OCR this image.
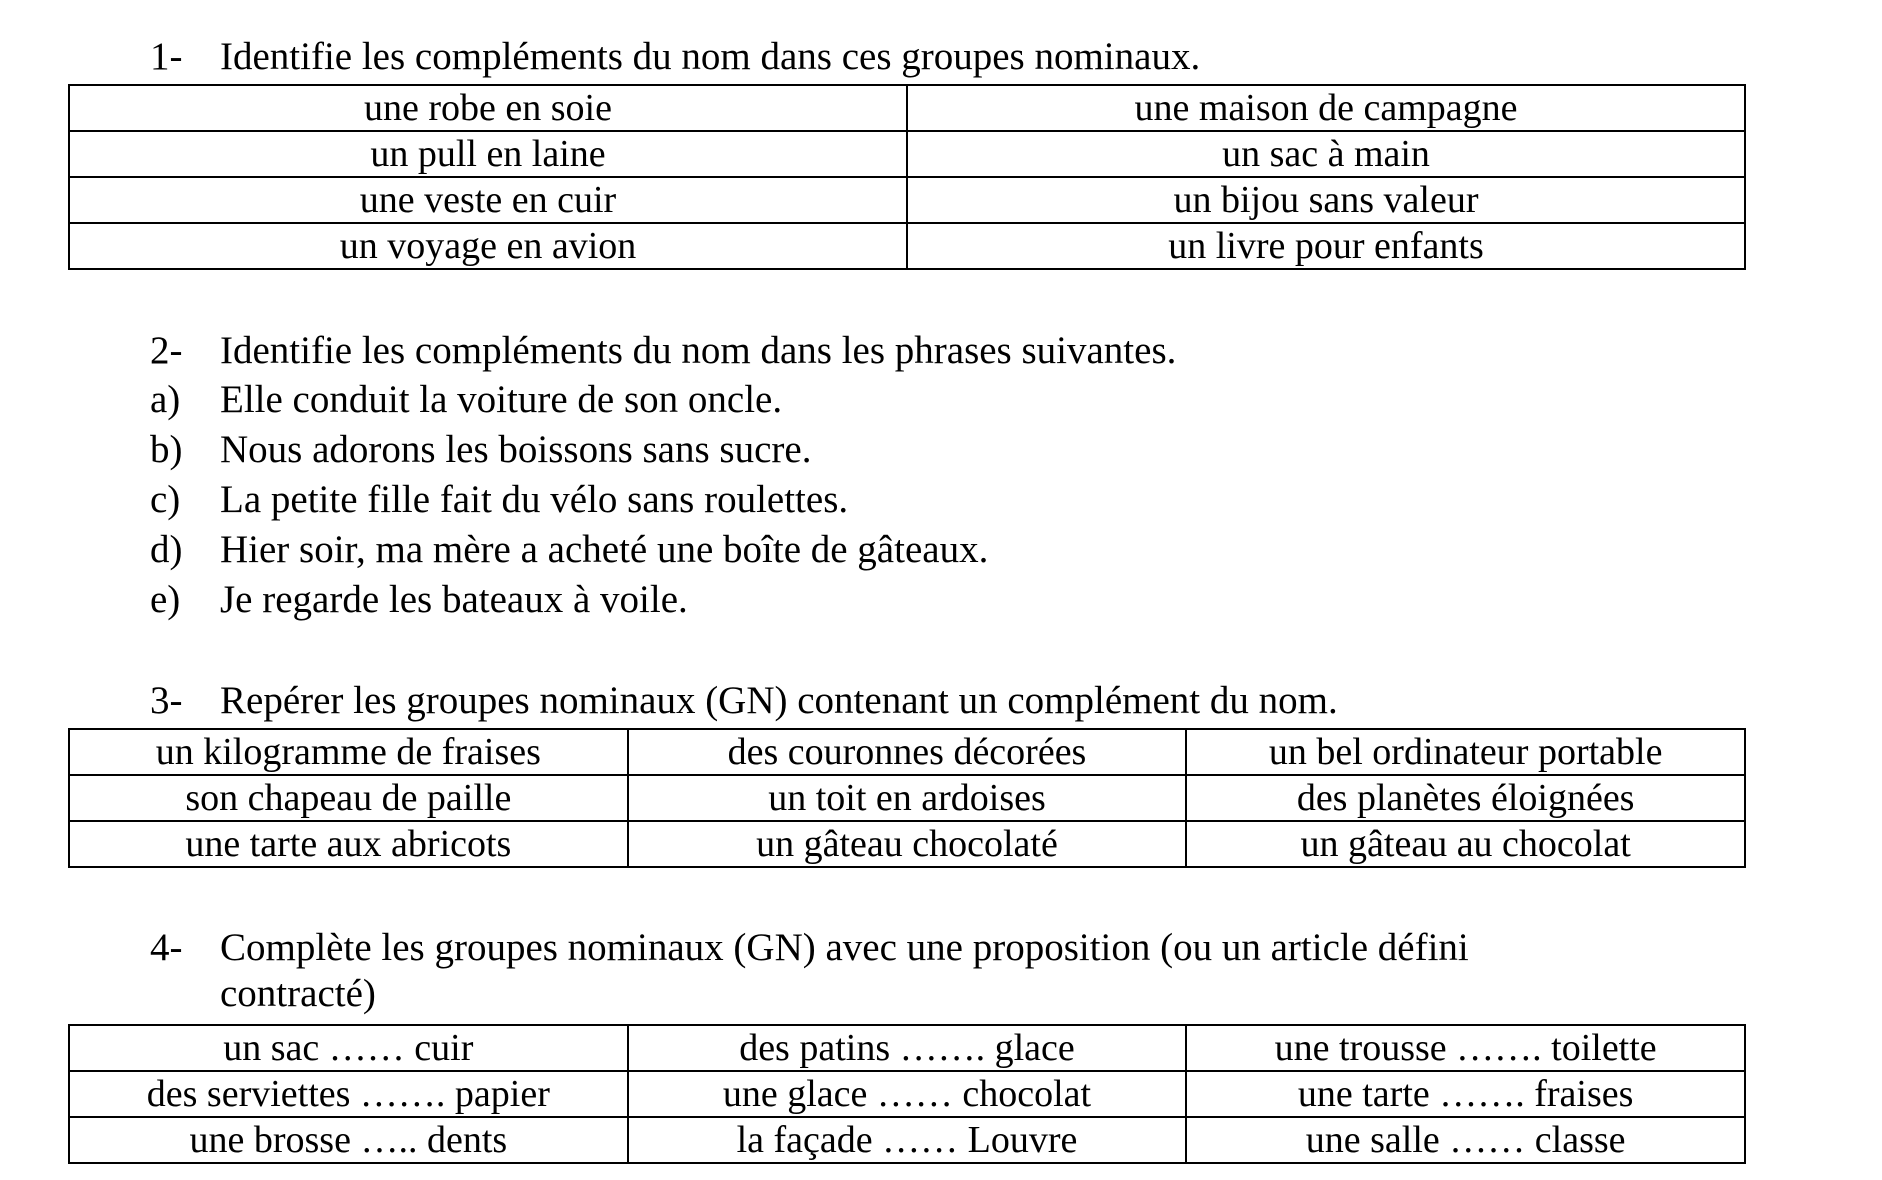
1- Identifie les compléments du nom dans ces groupes nominaux.
une robe en soie	une maison de campagne
un pull en laine	un sac à main
une veste en cuir	un bijou sans valeur
un voyage en avion	un livre pour enfants
2- Identifie les compléments du nom dans les phrases suivantes.
a) Elle conduit la voiture de son oncle.
b) Nous adorons les boissons sans sucre.
c) La petite fille fait du vélo sans roulettes.
d) Hier soir, ma mère a acheté une boîte de gâteaux.
e) Je regarde les bateaux à voile.
3- Repérer les groupes nominaux (GN) contenant un complément du nom.
un kilogramme de fraises	des couronnes décorées	un bel ordinateur portable
son chapeau de paille	un toit en ardoises	des planètes éloignées
une tarte aux abricots	un gâteau chocolaté	un gâteau au chocolat
4- Complète les groupes nominaux (GN) avec une proposition (ou un article défini
contracté)
un sac …… cuir	des patins ……. glace	une trousse ……. toilette
des serviettes ……. papier	une glace …… chocolat	une tarte ……. fraises
une brosse ….. dents	la façade …… Louvre	une salle …… classe
